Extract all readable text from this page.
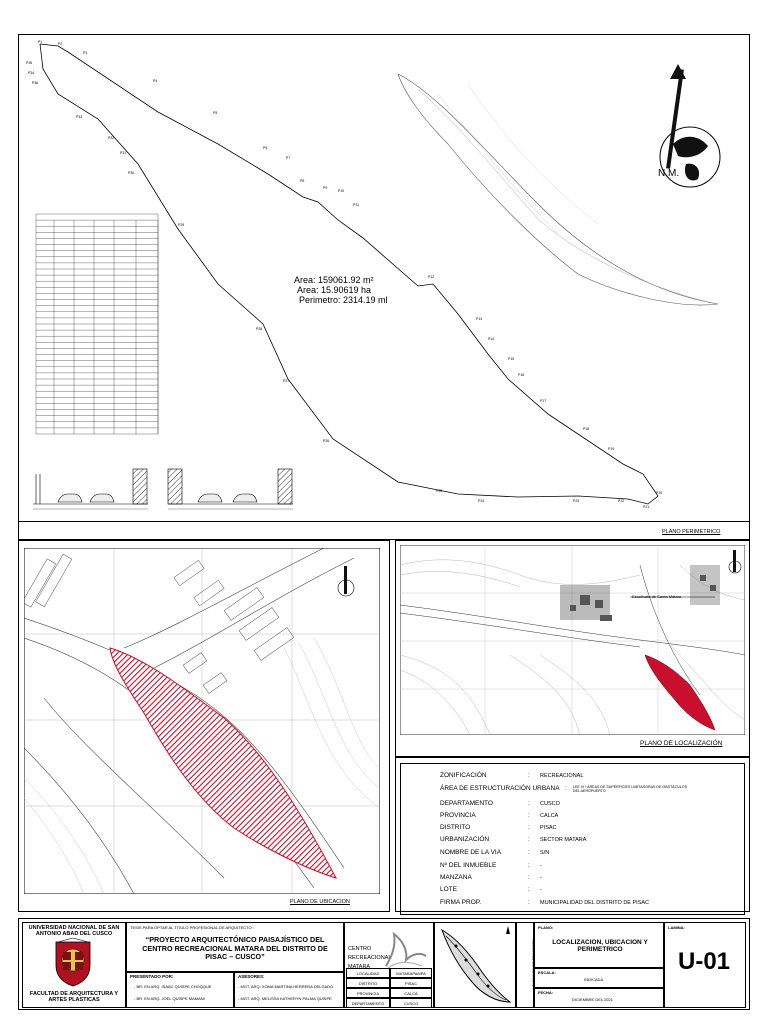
P1	P2
P3
P4
P5
P6
P7
P8
P9
P10
P11
P12
P13
P14
P15
P16
P17
P18
P19
P20
P21
P22
P23
P24
P25
P26
P27
P28
P29
P30
P31
P32
P33
P34
P35
P36
Area: 159061.92 m²
N.M.
Area: 15.90619 ha
Perimetro: 2314.19 ml
PLANO PERIMETRICO
PLANO DE UBICACION
Escalinata de Santa Matara
PLANO DE LOCALIZACIÓN
ZONIFICACIÓN	: RECREACIONAL
ÁREA DE ESTRUCTURACIÓN URBANA : LEE VI / ÁREAS DE SUPERFICIES LIMITADORAS DE OBSTÁCULOS DEL AEROPUERTO
DEPARTAMENTO	: CUSCO
PROVINCIA	: CALCA
DISTRITO	: PISAC
URBANIZACIÓN	: SECTOR MATARÁ
NOMBRE DE LA VIA	: S/N
Nº DEL INMUEBLE	: -
MANZANA	: -
LOTE	: -
FIRMA PROP.	: MUNICIPALIDAD DEL DISTRITO DE PISAC
UNIVERSIDAD NACIONAL DE SAN ANTONIO ABAD DEL CUSCO
FACULTAD DE ARQUITECTURA Y ARTES PLASTICAS
TESIS PARA OPTAR AL TITULO PROFESIONAL DE ARQUITECTO :
“PROYECTO ARQUITECTÓNICO PAISAJÍSTICO DEL CENTRO RECREACIONAL MATARA DEL DISTRITO DE PISAC – CUSCO”
PRESENTADO POR:
- BR. EN ARQ. ISAAC QUISPE CHOQQUE
- BR. EN ARQ. JOEL QUISPE MAMANI
ASESORES:
- MGT. ARQ. XOMA MARTINA HERRERA DELGADO
- MGT. ARQ. MELISSA KATHERYN PALMA QUISPE
CENTRO
RECREACIONAL
MATARA
LOCALIDAD	MATARAPAMPA
DISTRITO	PISAC
PROVINCIA	CALCA
DEPARTAMENTO	CUSCO
UBICACION DE PROYECTO
PLANO:
LOCALIZACION, UBICACION Y PERIMETRICO
ESCALA:
INDICADA
FECHA:
DICIEMBRE DEL 2021
LAMINA:
U-01
